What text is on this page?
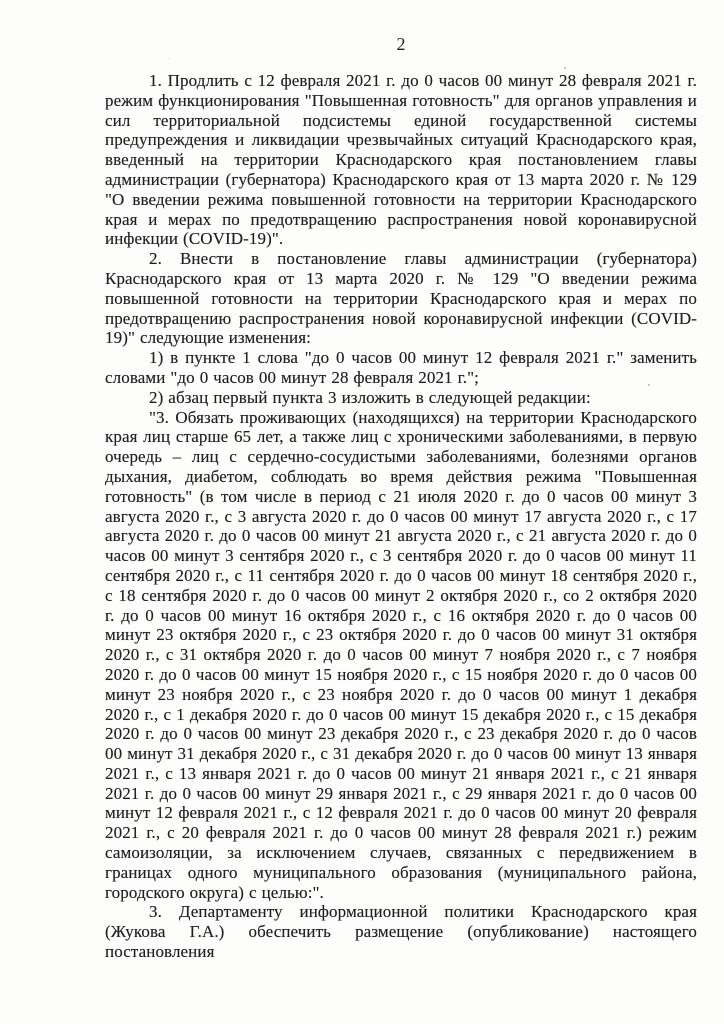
2

1. Продлить с 12 февраля 2021 г. до 0 часов 00 минут 28 февраля 2021 г. режим функционирования "Повышенная готовность" для органов управления и сил территориальной подсистемы единой государственной системы предупреждения и ликвидации чрезвычайных ситуаций Краснодарского края, введенный на территории Краснодарского края постановлением главы администрации (губернатора) Краснодарского края от 13 марта 2020 г. № 129 "О введении режима повышенной готовности на территории Краснодарского края и мерах по предотвращению распространения новой коронавирусной инфекции (COVID-19)".

2. Внести в постановление главы администрации (губернатора) Краснодарского края от 13 марта 2020 г. № 129 "О введении режима повышенной готовности на территории Краснодарского края и мерах по предотвращению распространения новой коронавирусной инфекции (COVID-19)" следующие изменения:

1) в пункте 1 слова "до 0 часов 00 минут 12 февраля 2021 г." заменить словами "до 0 часов 00 минут 28 февраля 2021 г.";

2) абзац первый пункта 3 изложить в следующей редакции:

"3. Обязать проживающих (находящихся) на территории Краснодарского края лиц старше 65 лет, а также лиц с хроническими заболеваниями, в первую очередь – лиц с сердечно-сосудистыми заболеваниями, болезнями органов дыхания, диабетом, соблюдать во время действия режима "Повышенная готовность" (в том числе в период с 21 июля 2020 г. до 0 часов 00 минут 3 августа 2020 г., с 3 августа 2020 г. до 0 часов 00 минут 17 августа 2020 г., с 17 августа 2020 г. до 0 часов 00 минут 21 августа 2020 г., с 21 августа 2020 г. до 0 часов 00 минут 3 сентября 2020 г., с 3 сентября 2020 г. до 0 часов 00 минут 11 сентября 2020 г., с 11 сентября 2020 г. до 0 часов 00 минут 18 сентября 2020 г., с 18 сентября 2020 г. до 0 часов 00 минут 2 октября 2020 г., со 2 октября 2020 г. до 0 часов 00 минут 16 октября 2020 г., с 16 октября 2020 г. до 0 часов 00 минут 23 октября 2020 г., с 23 октября 2020 г. до 0 часов 00 минут 31 октября 2020 г., с 31 октября 2020 г. до 0 часов 00 минут 7 ноября 2020 г., с 7 ноября 2020 г. до 0 часов 00 минут 15 ноября 2020 г., с 15 ноября 2020 г. до 0 часов 00 минут 23 ноября 2020 г., с 23 ноября 2020 г. до 0 часов 00 минут 1 декабря 2020 г., с 1 декабря 2020 г. до 0 часов 00 минут 15 декабря 2020 г., с 15 декабря 2020 г. до 0 часов 00 минут 23 декабря 2020 г., с 23 декабря 2020 г. до 0 часов 00 минут 31 декабря 2020 г., с 31 декабря 2020 г. до 0 часов 00 минут 13 января 2021 г., с 13 января 2021 г. до 0 часов 00 минут 21 января 2021 г., с 21 января 2021 г. до 0 часов 00 минут 29 января 2021 г., с 29 января 2021 г. до 0 часов 00 минут 12 февраля 2021 г., с 12 февраля 2021 г. до 0 часов 00 минут 20 февраля 2021 г., с 20 февраля 2021 г. до 0 часов 00 минут 28 февраля 2021 г.) режим самоизоляции, за исключением случаев, связанных с передвижением в границах одного муниципального образования (муниципального района, городского округа) с целью:".

3. Департаменту информационной политики Краснодарского края (Жукова Г.А.) обеспечить размещение (опубликование) настоящего постановления
